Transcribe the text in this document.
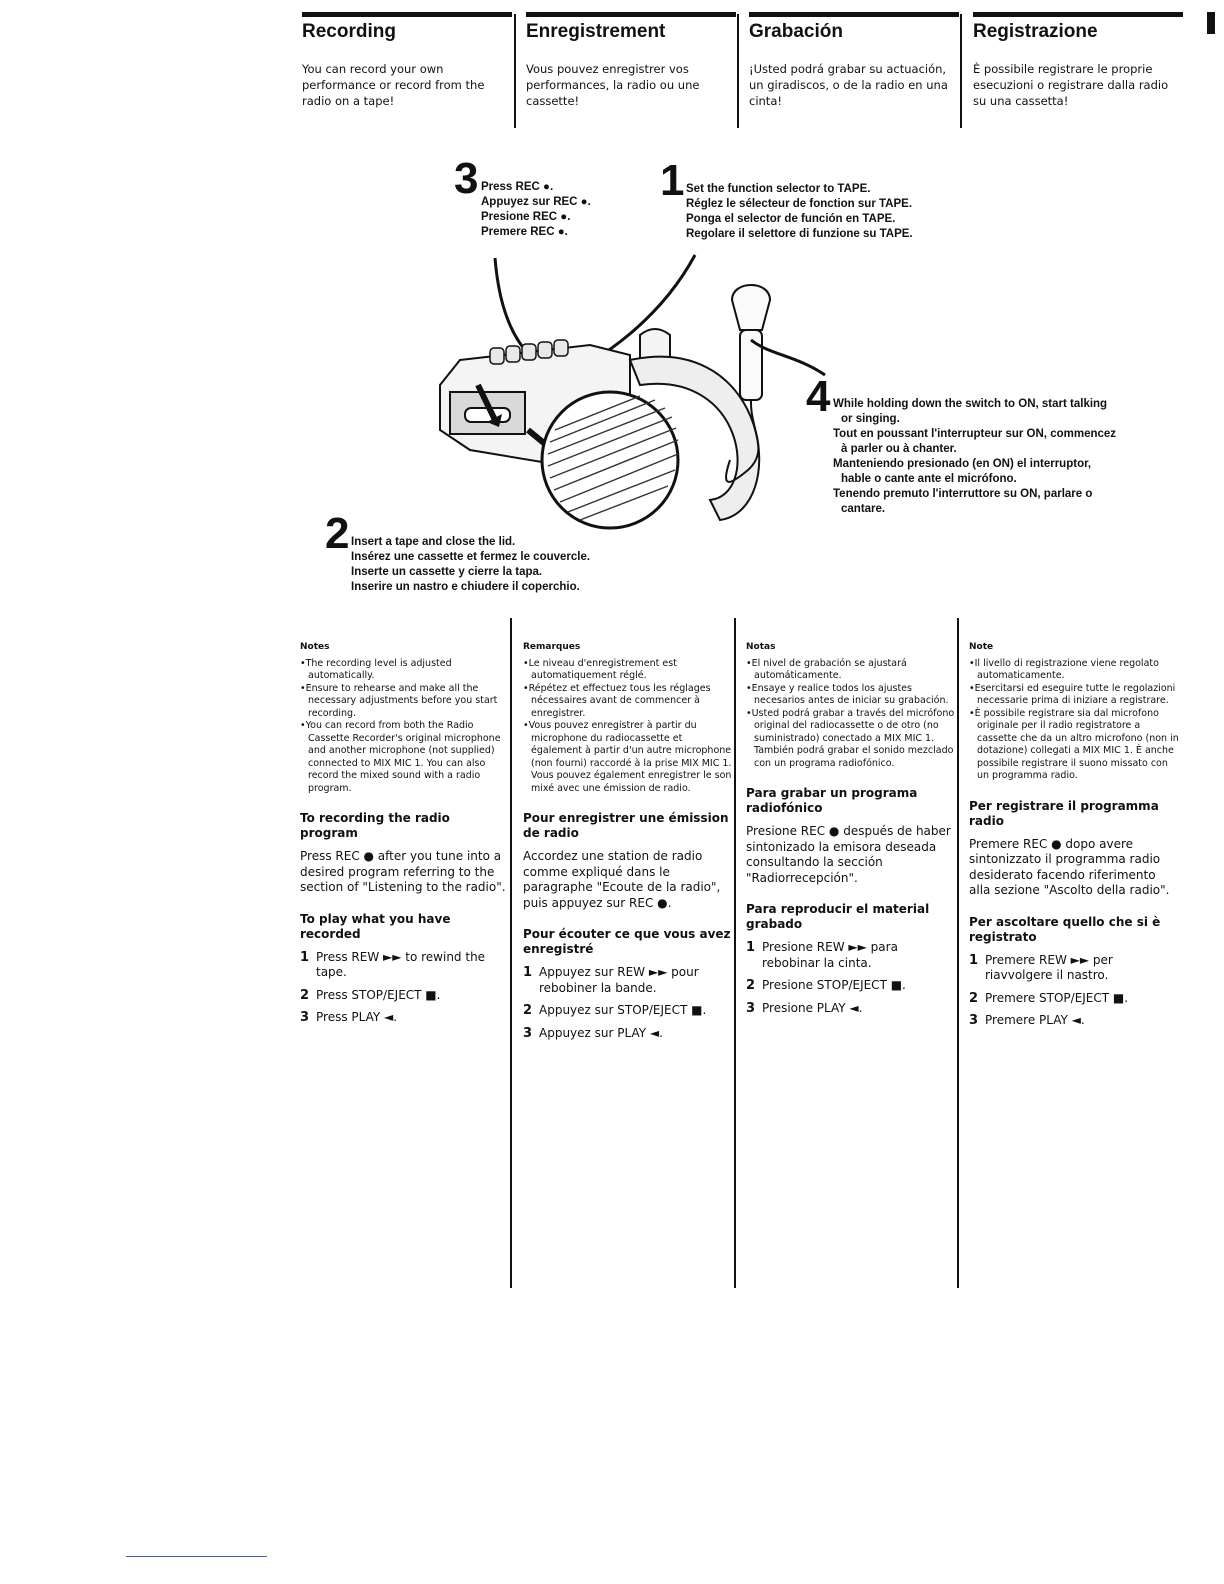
Recording
You can record your own performance or record from the radio on a tape!
Enregistrement
Vous pouvez enregistrer vos performances, la radio ou une cassette!
Grabación
¡Usted podrá grabar su actuación, un giradiscos, o de la radio en una cinta!
Registrazione
È possibile registrare le proprie esecuzioni o registrare dalla radio su una cassetta!
3 Press REC ●.
Appuyez sur REC ●.
Presione REC ●.
Premere REC ●.
1 Set the function selector to TAPE.
Réglez le sélecteur de fonction sur TAPE.
Ponga el selector de función en TAPE.
Regolare il selettore di funzione su TAPE.
4 While holding down the switch to ON, start talking
or singing.
Tout en poussant l'interrupteur sur ON, commencez
à parler ou à chanter.
Manteniendo presionado (en ON) el interruptor,
hable o cante ante el micrófono.
Tenendo premuto l'interruttore su ON, parlare o
cantare.
2 Insert a tape and close the lid.
Insérez une cassette et fermez le couvercle.
Inserte un cassette y cierre la tapa.
Inserire un nastro e chiudere il coperchio.
Notes
•The recording level is adjusted automatically.
•Ensure to rehearse and make all the necessary adjustments before you start recording.
•You can record from both the Radio Cassette Recorder's original microphone and another microphone (not supplied) connected to MIX MIC 1. You can also record the mixed sound with a radio program.
To recording the radio program
Press REC ● after you tune into a desired program referring to the section of "Listening to the radio".
To play what you have recorded
1 Press REW ►► to rewind the tape.
2 Press STOP/EJECT ■.
3 Press PLAY ◄.
Remarques
•Le niveau d'enregistrement est automatiquement réglé.
•Répétez et effectuez tous les réglages nécessaires avant de commencer à enregistrer.
•Vous pouvez enregistrer à partir du microphone du radiocassette et également à partir d'un autre microphone (non fourni) raccordé à la prise MIX MIC 1. Vous pouvez également enregistrer le son mixé avec une émission de radio.
Pour enregistrer une émission de radio
Accordez une station de radio comme expliqué dans le paragraphe "Ecoute de la radio", puis appuyez sur REC ●.
Pour écouter ce que vous avez enregistré
1 Appuyez sur REW ►► pour rebobiner la bande.
2 Appuyez sur STOP/EJECT ■.
3 Appuyez sur PLAY ◄.
Notas
•El nivel de grabación se ajustará automáticamente.
•Ensaye y realice todos los ajustes necesarios antes de iniciar su grabación.
•Usted podrá grabar a través del micrófono original del radiocassette o de otro (no suministrado) conectado a MIX MIC 1. También podrá grabar el sonido mezclado con un programa radiofónico.
Para grabar un programa radiofónico
Presione REC ● después de haber sintonizado la emisora deseada consultando la sección "Radiorrecepción".
Para reproducir el material grabado
1 Presione REW ►► para rebobinar la cinta.
2 Presione STOP/EJECT ■.
3 Presione PLAY ◄.
Note
•Il livello di registrazione viene regolato automaticamente.
•Esercitarsi ed eseguire tutte le regolazioni necessarie prima di iniziare a registrare.
•È possibile registrare sia dal microfono originale per il radio registratore a cassette che da un altro microfono (non in dotazione) collegati a MIX MIC 1. È anche possibile registrare il suono missato con un programma radio.
Per registrare il programma radio
Premere REC ● dopo avere sintonizzato il programma radio desiderato facendo riferimento alla sezione "Ascolto della radio".
Per ascoltare quello che si è registrato
1 Premere REW ►► per riavvolgere il nastro.
2 Premere STOP/EJECT ■.
3 Premere PLAY ◄.
